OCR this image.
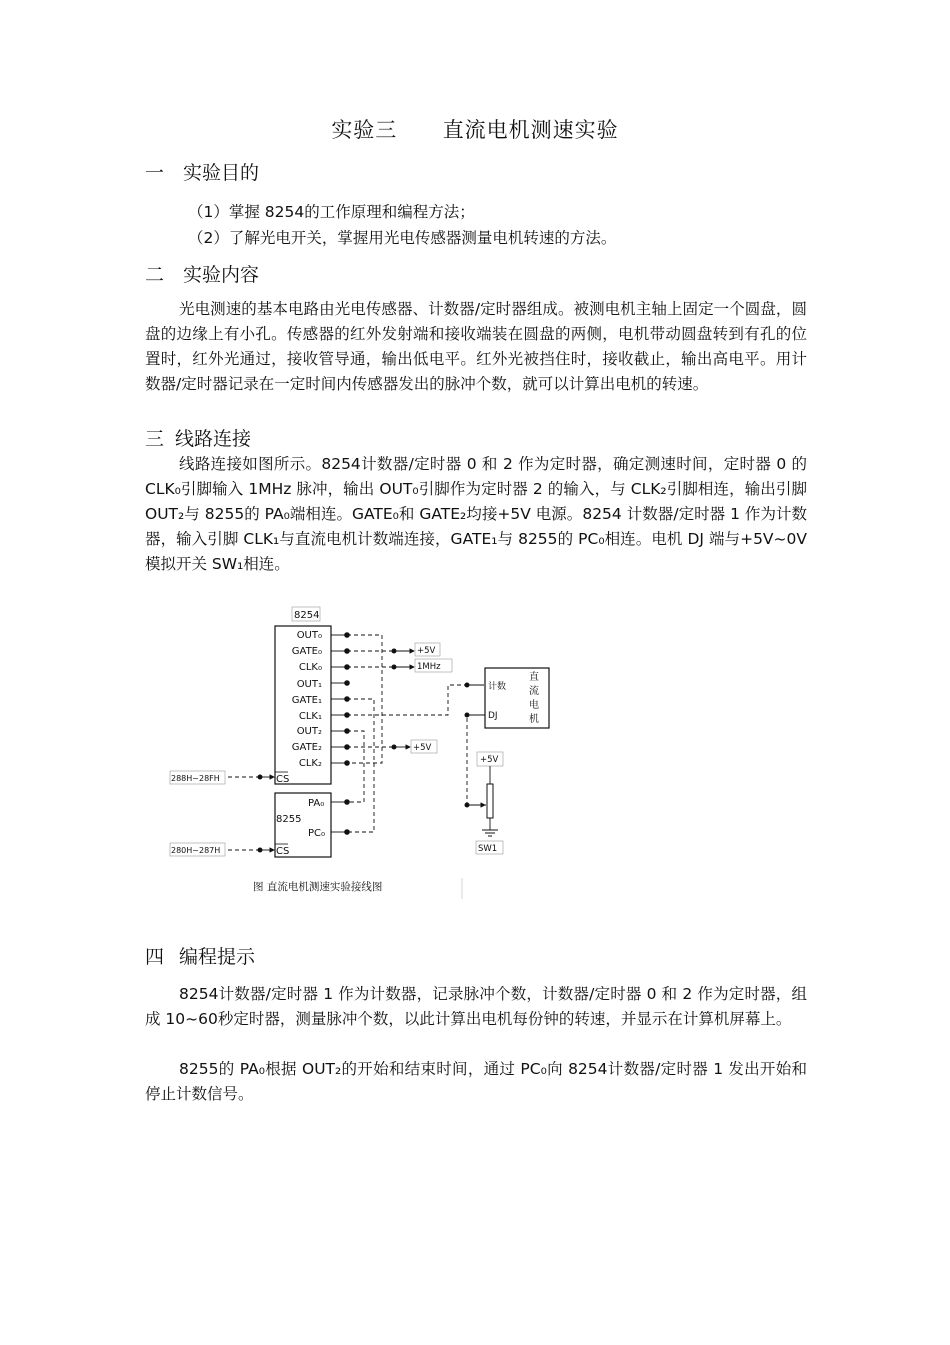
实验三 直流电机测速实验
一 实验目的
（1）掌握 8254的工作原理和编程方法；
（2）了解光电开关，掌握用光电传感器测量电机转速的方法。
二 实验内容

光电测速的基本电路由光电传感器、计数器/定时器组成。被测电机主轴上固定一个圆盘，圆盘的边缘上有小孔。传感器的红外发射端和接收端装在圆盘的两侧，电机带动圆盘转到有孔的位置时，红外光通过，接收管导通，输出低电平。红外光被挡住时，接收截止，输出高电平。用计数器/定时器记录在一定时间内传感器发出的脉冲个数，就可以计算出电机的转速。

三 线路连接

线路连接如图所示。8254计数器/定时器 0 和 2 作为定时器，确定测速时间，定时器 0 的 CLK₀引脚输入 1MHz 脉冲，输出 OUT₀引脚作为定时器 2 的输入，与 CLK₂引脚相连，输出引脚 OUT₂与 8255的 PA₀端相连。GATE₀和 GATE₂均接+5V 电源。8254 计数器/定时器 1 作为计数器，输入引脚 CLK₁与直流电机计数端连接，GATE₁与 8255的 PC₀相连。电机 DJ 端与+5V~0V 模拟开关 SW₁相连。

8254
OUT₀
GATE₀
CLK₀
OUT₁
GATE₁
CLK₁
OUT₂
GATE₂
CLK₂
CS
+5V
1MHz
+5V
计数
DJ
直
流
电
机
+5V
SW1
PA₀
8255
PC₀
CS
288H~28FH
280H~287H
图 直流电机测速实验接线图
四 编程提示

8254计数器/定时器 1 作为计数器，记录脉冲个数，计数器/定时器 0 和 2 作为定时器，组成 10~60秒定时器，测量脉冲个数，以此计算出电机每份钟的转速，并显示在计算机屏幕上。

8255的 PA₀根据 OUT₂的开始和结束时间，通过 PC₀向 8254计数器/定时器 1 发出开始和停止计数信号。
